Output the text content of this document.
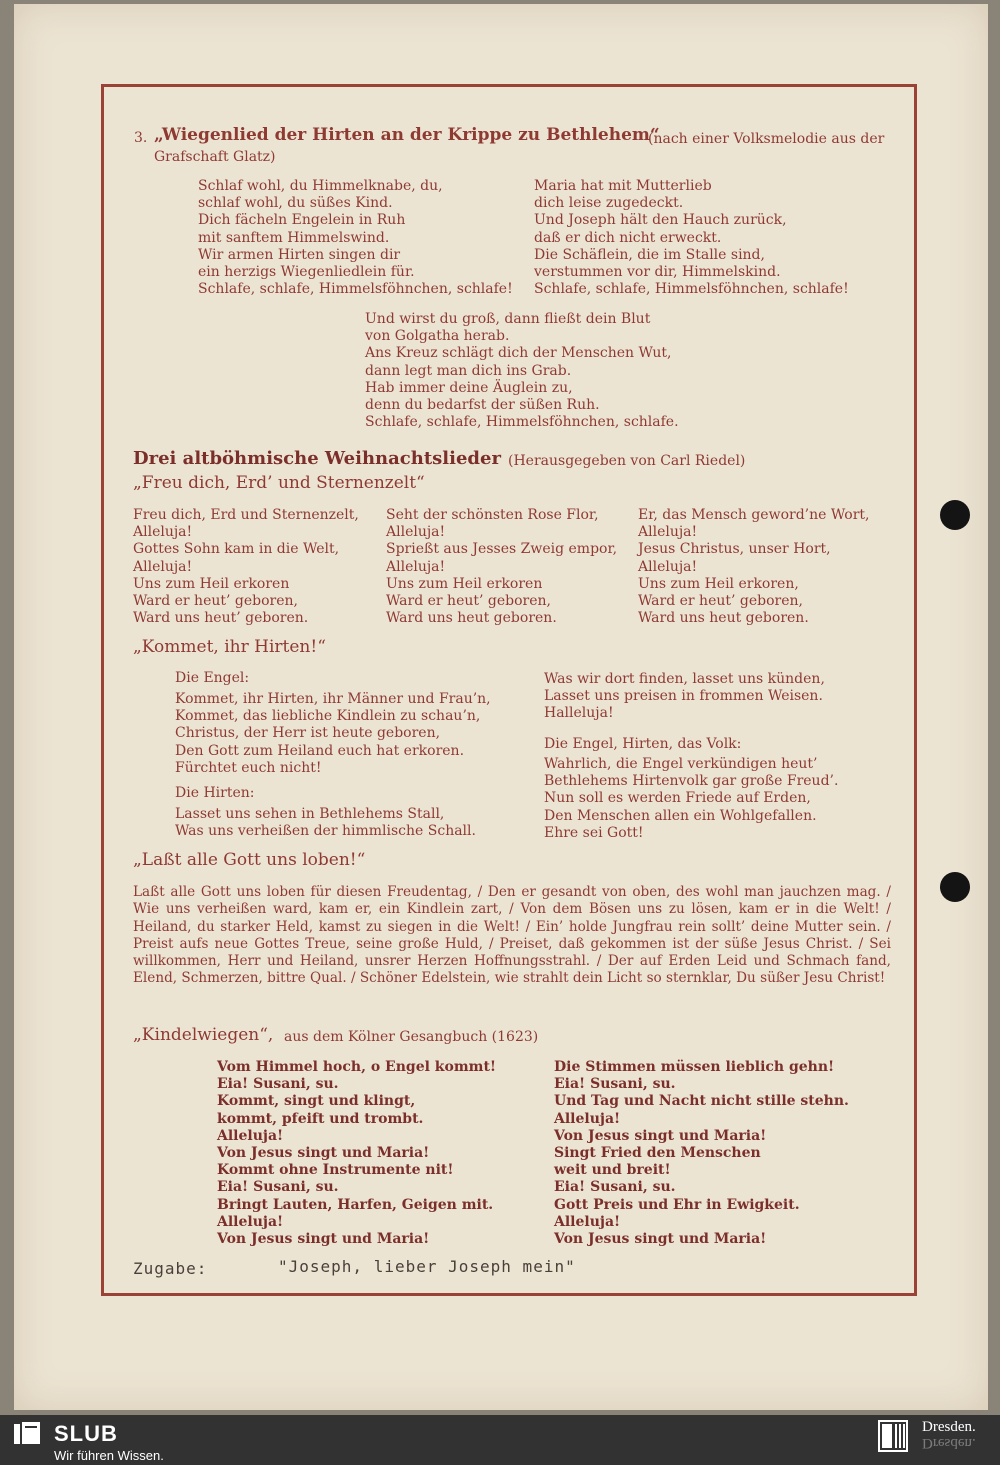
3. „Wiegenlied der Hirten an der Krippe zu Bethlehem“
(nach einer Volksmelodie aus der
Grafschaft Glatz)
Schlaf wohl, du Himmelknabe, du,
schlaf wohl, du süßes Kind.
Dich fächeln Engelein in Ruh
mit sanftem Himmelswind.
Wir armen Hirten singen dir
ein herzigs Wiegenliedlein für.
Schlafe, schlafe, Himmelsföhnchen, schlafe!
Maria hat mit Mutterlieb
dich leise zugedeckt.
Und Joseph hält den Hauch zurück,
daß er dich nicht erweckt.
Die Schäflein, die im Stalle sind,
verstummen vor dir, Himmelskind.
Schlafe, schlafe, Himmelsföhnchen, schlafe!
Und wirst du groß, dann fließt dein Blut
von Golgatha herab.
Ans Kreuz schlägt dich der Menschen Wut,
dann legt man dich ins Grab.
Hab immer deine Äuglein zu,
denn du bedarfst der süßen Ruh.
Schlafe, schlafe, Himmelsföhnchen, schlafe.
Drei altböhmische Weihnachtslieder (Herausgegeben von Carl Riedel)
„Freu dich, Erd’ und Sternenzelt“
Freu dich, Erd und Sternenzelt,
Alleluja!
Gottes Sohn kam in die Welt,
Alleluja!
Uns zum Heil erkoren
Ward er heut’ geboren,
Ward uns heut’ geboren.
Seht der schönsten Rose Flor,
Alleluja!
Sprießt aus Jesses Zweig empor,
Alleluja!
Uns zum Heil erkoren
Ward er heut’ geboren,
Ward uns heut geboren.
Er, das Mensch geword’ne Wort,
Alleluja!
Jesus Christus, unser Hort,
Alleluja!
Uns zum Heil erkoren,
Ward er heut’ geboren,
Ward uns heut geboren.
„Kommet, ihr Hirten!“
Die Engel:
Kommet, ihr Hirten, ihr Männer und Frau’n,
Kommet, das liebliche Kindlein zu schau’n,
Christus, der Herr ist heute geboren,
Den Gott zum Heiland euch hat erkoren.
Fürchtet euch nicht!
Die Hirten:
Lasset uns sehen in Bethlehems Stall,
Was uns verheißen der himmlische Schall.
Was wir dort finden, lasset uns künden,
Lasset uns preisen in frommen Weisen.
Halleluja!
Die Engel, Hirten, das Volk:
Wahrlich, die Engel verkündigen heut’
Bethlehems Hirtenvolk gar große Freud’.
Nun soll es werden Friede auf Erden,
Den Menschen allen ein Wohlgefallen.
Ehre sei Gott!
„Laßt alle Gott uns loben!“
Laßt alle Gott uns loben für diesen Freudentag, / Den er gesandt von oben, des wohl man jauchzen mag. / Wie uns verheißen ward, kam er, ein Kindlein zart, / Von dem Bösen uns zu lösen, kam er in die Welt! / Heiland, du starker Held, kamst zu siegen in die Welt! / Ein’ holde Jungfrau rein sollt’ deine Mutter sein. / Preist aufs neue Gottes Treue, seine große Huld, / Preiset, daß gekommen ist der süße Jesus Christ. / Sei willkommen, Herr und Heiland, unsrer Herzen Hoffnungsstrahl. / Der auf Erden Leid und Schmach fand, Elend, Schmerzen, bittre Qual. / Schöner Edelstein, wie strahlt dein Licht so sternklar, Du süßer Jesu Christ!
„Kindelwiegen“, aus dem Kölner Gesangbuch (1623)
Vom Himmel hoch, o Engel kommt!
Eia! Susani, su.
Kommt, singt und klingt,
kommt, pfeift und trombt.
Alleluja!
Von Jesus singt und Maria!
Kommt ohne Instrumente nit!
Eia! Susani, su.
Bringt Lauten, Harfen, Geigen mit.
Alleluja!
Von Jesus singt und Maria!
Die Stimmen müssen lieblich gehn!
Eia! Susani, su.
Und Tag und Nacht nicht stille stehn.
Alleluja!
Von Jesus singt und Maria!
Singt Fried den Menschen
weit und breit!
Eia! Susani, su.
Gott Preis und Ehr in Ewigkeit.
Alleluja!
Von Jesus singt und Maria!
Zugabe:	"Joseph, lieber Joseph mein"
SLUB
Wir führen Wissen.
Dresden.
Dresden.
